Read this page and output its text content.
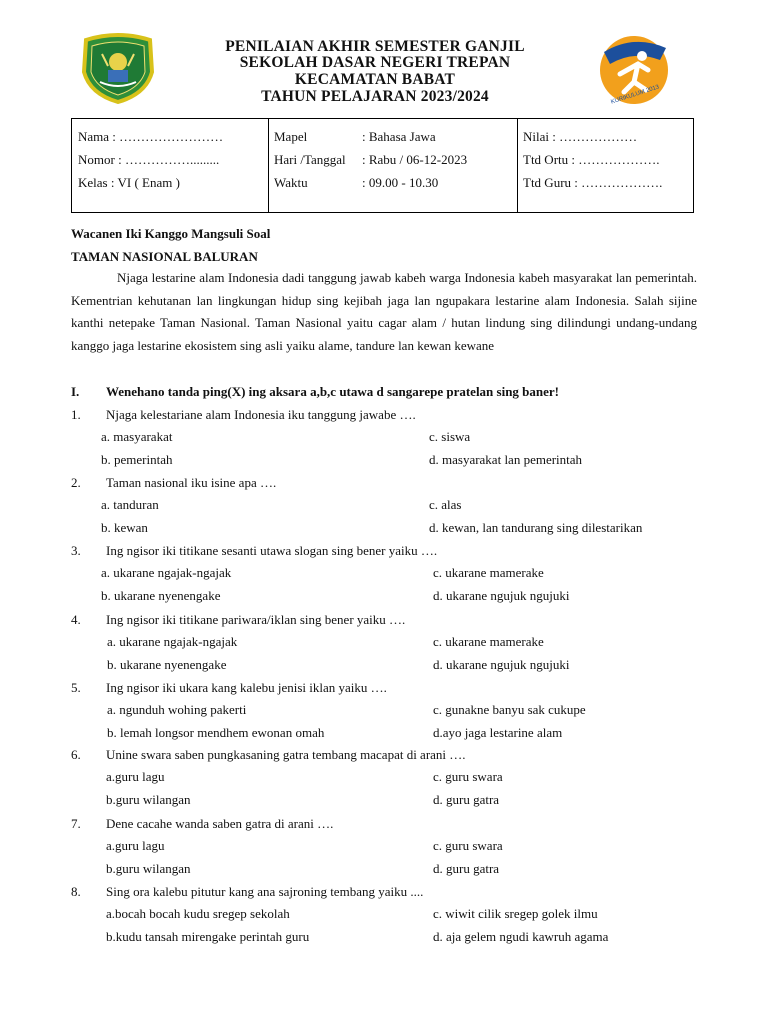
PENILAIAN AKHIR SEMESTER GANJIL
SEKOLAH DASAR NEGERI TREPAN
KECAMATAN BABAT
TAHUN PELAJARAN 2023/2024	KURIKULUM 2013
Nama : ……………………
Nomor : …………….........
Kelas : VI ( Enam )
Mapel	: Bahasa Jawa
Hari /Tanggal : Rabu / 06-12-2023
Waktu	: 09.00 - 10.30
Nilai : ………………
Ttd Ortu : ……………….
Ttd Guru : ……………….
Wacanen Iki Kanggo Mangsuli Soal
TAMAN NASIONAL BALURAN
Njaga lestarine alam Indonesia dadi tanggung jawab kabeh warga Indonesia kabeh masyarakat lan pemerintah. Kementrian kehutanan lan lingkungan hidup sing kejibah jaga lan ngupakara lestarine alam Indonesia. Salah sijine kanthi netepake Taman Nasional. Taman Nasional yaitu cagar alam / hutan lindung sing dilindungi undang-undang kanggo jaga lestarine ekosistem sing asli yaiku alame, tandure lan kewan kewane
I. Wenehano tanda ping(X) ing aksara a,b,c utawa d sangarepe pratelan sing baner!
1. Njaga kelestariane alam Indonesia iku tanggung jawabe ….
a. masyarakat	c. siswa
b. pemerintah	d. masyarakat lan pemerintah
2. Taman nasional iku isine apa ….
a. tanduran	c. alas
b. kewan	d. kewan, lan tandurang sing dilestarikan
3. Ing ngisor iki titikane sesanti utawa slogan sing bener yaiku ….
a. ukarane ngajak-ngajak	c. ukarane mamerake
b. ukarane nyenengake	d. ukarane ngujuk ngujuki
4. Ing ngisor iki titikane pariwara/iklan sing bener yaiku ….
a. ukarane ngajak-ngajak	c. ukarane mamerake
b. ukarane nyenengake	d. ukarane ngujuk ngujuki
5. Ing ngisor iki ukara kang kalebu jenisi iklan yaiku ….
a. ngunduh wohing pakerti	c. gunakne banyu sak cukupe
b. lemah longsor mendhem ewonan omah	d.ayo jaga lestarine alam
6. Unine swara saben pungkasaning gatra tembang macapat di arani ….
a.guru lagu	c. guru swara
b.guru wilangan	d. guru gatra
7. Dene cacahe wanda saben gatra di arani ….
a.guru lagu	c. guru swara
b.guru wilangan	d. guru gatra
8. Sing ora kalebu pitutur kang ana sajroning tembang yaiku ....
a.bocah bocah kudu sregep sekolah	c. wiwit cilik sregep golek ilmu
b.kudu tansah mirengake perintah guru	d. aja gelem ngudi kawruh agama
